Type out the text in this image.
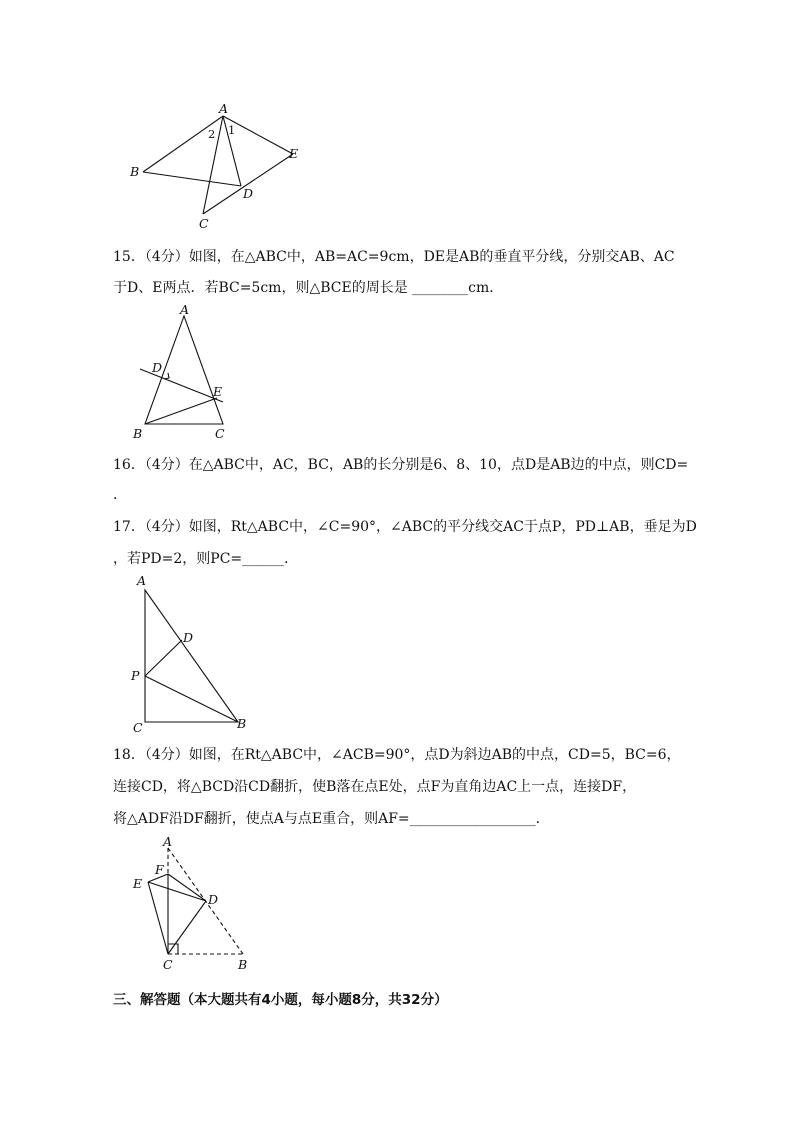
A
B
C
D
E
1
2
15．（4分）如图，在△ABC中，AB=AC=9cm，DE是AB的垂直平分线，分别交AB、AC
于D、E两点．若BC=5cm，则△BCE的周长是 ________cm．
A
B	C
D
E
16．（4分）在△ABC中，AC，BC，AB的长分别是6、8、10，点D是AB边的中点，则CD=
．
17．（4分）如图，Rt△ABC中，∠C=90°，∠ABC的平分线交AC于点P，PD⊥AB，垂足为D
，若PD=2，则PC=______．
A
C	B
P
D
18．（4分）如图，在Rt△ABC中，∠ACB=90°，点D为斜边AB的中点，CD=5，BC=6，
连接CD，将△BCD沿CD翻折，使B落在点E处，点F为直角边AC上一点，连接DF，
将△ADF沿DF翻折，使点A与点E重合，则AF=__________________．
A
F
E
D
C	B
三、解答题（本大题共有4小题，每小题8分，共32分）
